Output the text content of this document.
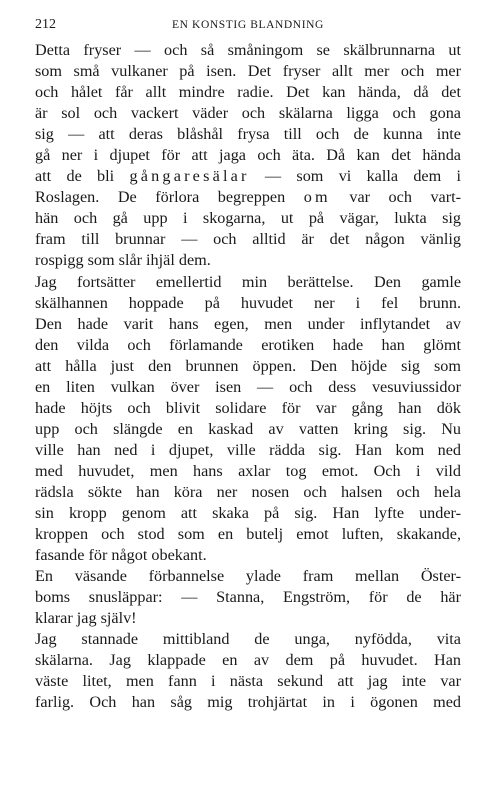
212	EN KONSTIG BLANDNING
Detta fryser — och så småningom se skälbrunnarna ut
som små vulkaner på isen. Det fryser allt mer och mer
och hålet får allt mindre radie. Det kan hända, då det
är sol och vackert väder och skälarna ligga och gona
sig — att deras blåshål frysa till och de kunna inte
gå ner i djupet för att jaga och äta. Då kan det hända
att de bli gångaresälar — som vi kalla dem i
Roslagen. De förlora begreppen om var och vart-
hän och gå upp i skogarna, ut på vägar, lukta sig
fram till brunnar — och alltid är det någon vänlig
rospigg som slår ihjäl dem.
Jag fortsätter emellertid min berättelse. Den gamle
skälhannen hoppade på huvudet ner i fel brunn.
Den hade varit hans egen, men under inflytandet av
den vilda och förlamande erotiken hade han glömt
att hålla just den brunnen öppen. Den höjde sig som
en liten vulkan över isen — och dess vesuviussidor
hade höjts och blivit solidare för var gång han dök
upp och slängde en kaskad av vatten kring sig. Nu
ville han ned i djupet, ville rädda sig. Han kom ned
med huvudet, men hans axlar tog emot. Och i vild
rädsla sökte han köra ner nosen och halsen och hela
sin kropp genom att skaka på sig. Han lyfte under-
kroppen och stod som en butelj emot luften, skakande,
fasande för något obekant.
En väsande förbannelse ylade fram mellan Öster-
boms snusläppar: — Stanna, Engström, för de här
klarar jag själv!
Jag stannade mittibland de unga, nyfödda, vita
skälarna. Jag klappade en av dem på huvudet. Han
väste litet, men fann i nästa sekund att jag inte var
farlig. Och han såg mig trohjärtat in i ögonen med
